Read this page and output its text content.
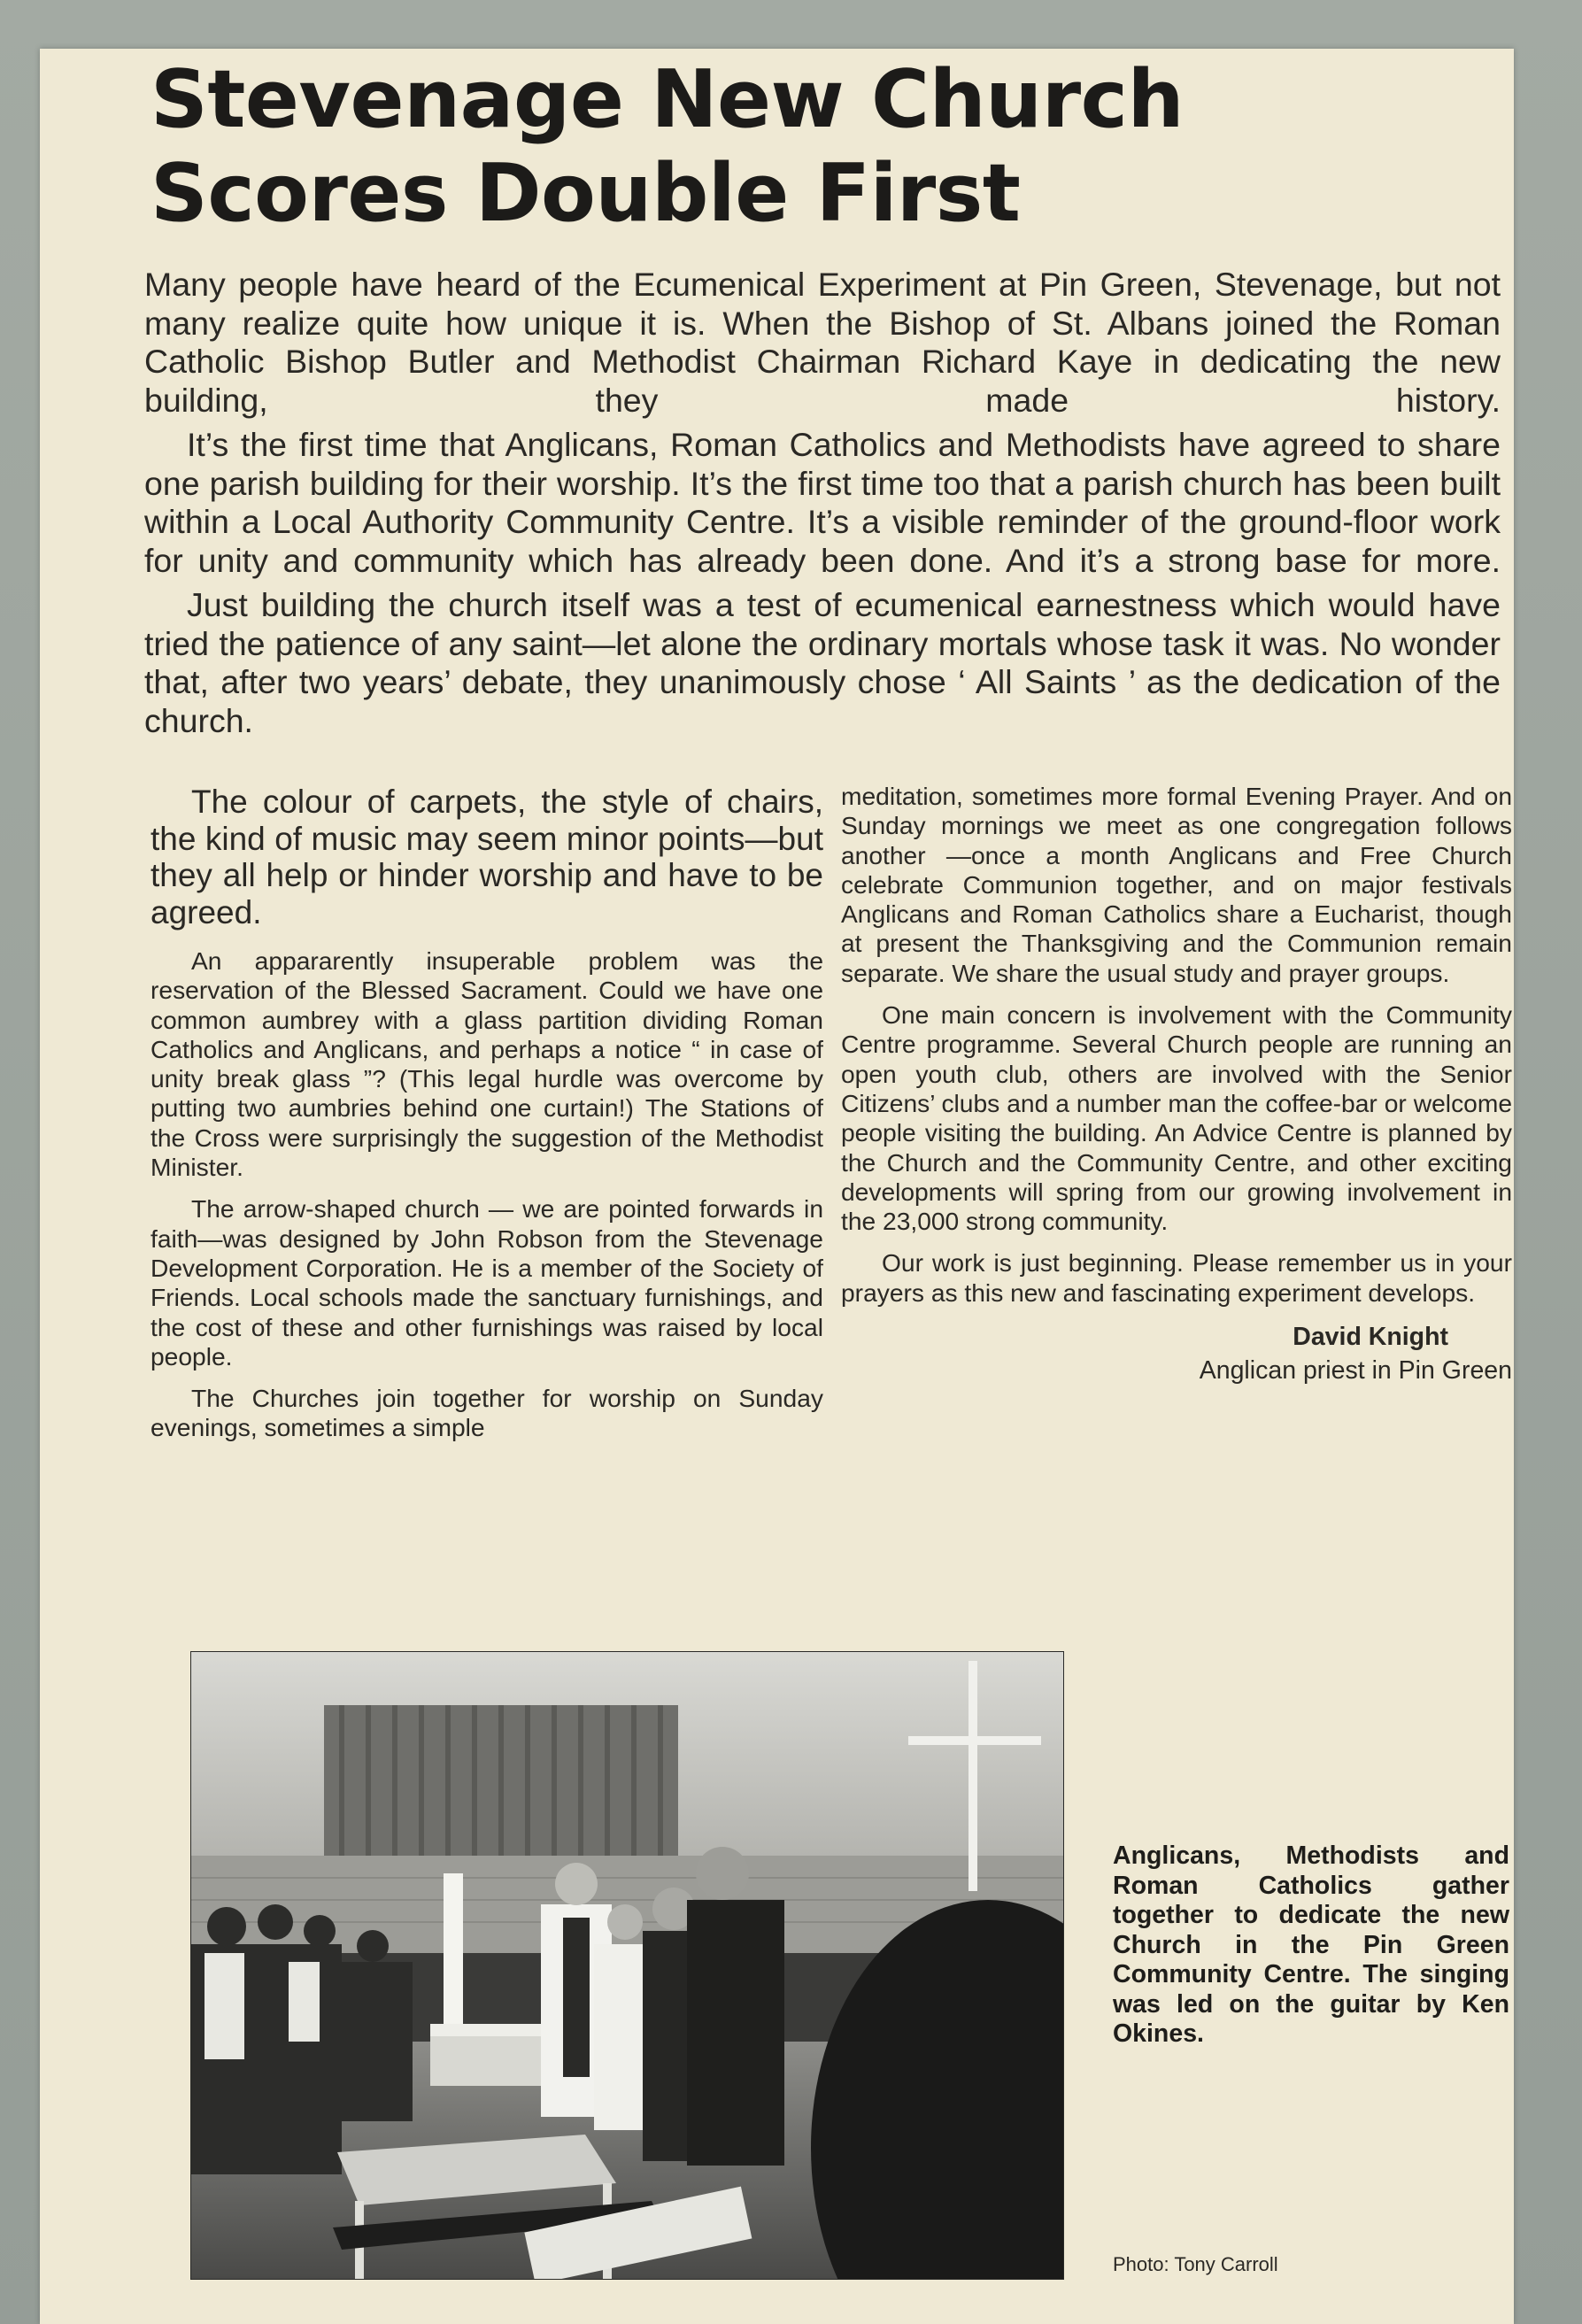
Stevenage New Church
Scores Double First

Many people have heard of the Ecumenical Experiment at Pin Green, Stevenage, but not many realize quite how unique it is. When the Bishop of St. Albans joined the Roman Catholic Bishop Butler and Methodist Chairman Richard Kaye in dedicating the new building, they made history.

It’s the first time that Anglicans, Roman Catholics and Methodists have agreed to share one parish building for their worship. It’s the first time too that a parish church has been built within a Local Authority Community Centre. It’s a visible reminder of the ground-floor work for unity and community which has already been done. And it’s a strong base for more.

Just building the church itself was a test of ecumenical earnestness which would have tried the patience of any saint—let alone the ordinary mortals whose task it was. No wonder that, after two years’ debate, they unanimously chose ‘ All Saints ’ as the dedication of the church.

The colour of carpets, the style of chairs, the kind of music may seem minor points—but they all help or hinder worship and have to be agreed.

An appararently insuperable problem was the reservation of the Blessed Sacrament. Could we have one common aumbrey with a glass partition dividing Roman Catholics and Anglicans, and perhaps a notice “ in case of unity break glass ”? (This legal hurdle was overcome by putting two aumbries behind one curtain!) The Stations of the Cross were surprisingly the suggestion of the Methodist Minister.

The arrow-shaped church — we are pointed forwards in faith—was designed by John Robson from the Stevenage Development Corporation. He is a member of the Society of Friends. Local schools made the sanctuary furnishings, and the cost of these and other furnishings was raised by local people.

The Churches join together for worship on Sunday evenings, sometimes a simple

meditation, sometimes more formal Evening Prayer. And on Sunday mornings we meet as one congregation follows another —once a month Anglicans and Free Church celebrate Communion together, and on major festivals Anglicans and Roman Catholics share a Eucharist, though at present the Thanksgiving and the Communion remain separate. We share the usual study and prayer groups.

One main concern is involvement with the Community Centre programme. Several Church people are running an open youth club, others are involved with the Senior Citizens’ clubs and a number man the coffee-bar or welcome people visiting the building. An Advice Centre is planned by the Church and the Community Centre, and other exciting developments will spring from our growing involvement in the 23,000 strong community.

Our work is just beginning. Please remember us in your prayers as this new and fascinating experiment develops.

David Knight
Anglican priest in Pin Green
Anglicans, Methodists and Roman Catholics gather together to dedicate the new Church in the Pin Green Community Centre. The singing was led on the guitar by Ken Okines.
Photo: Tony Carroll
